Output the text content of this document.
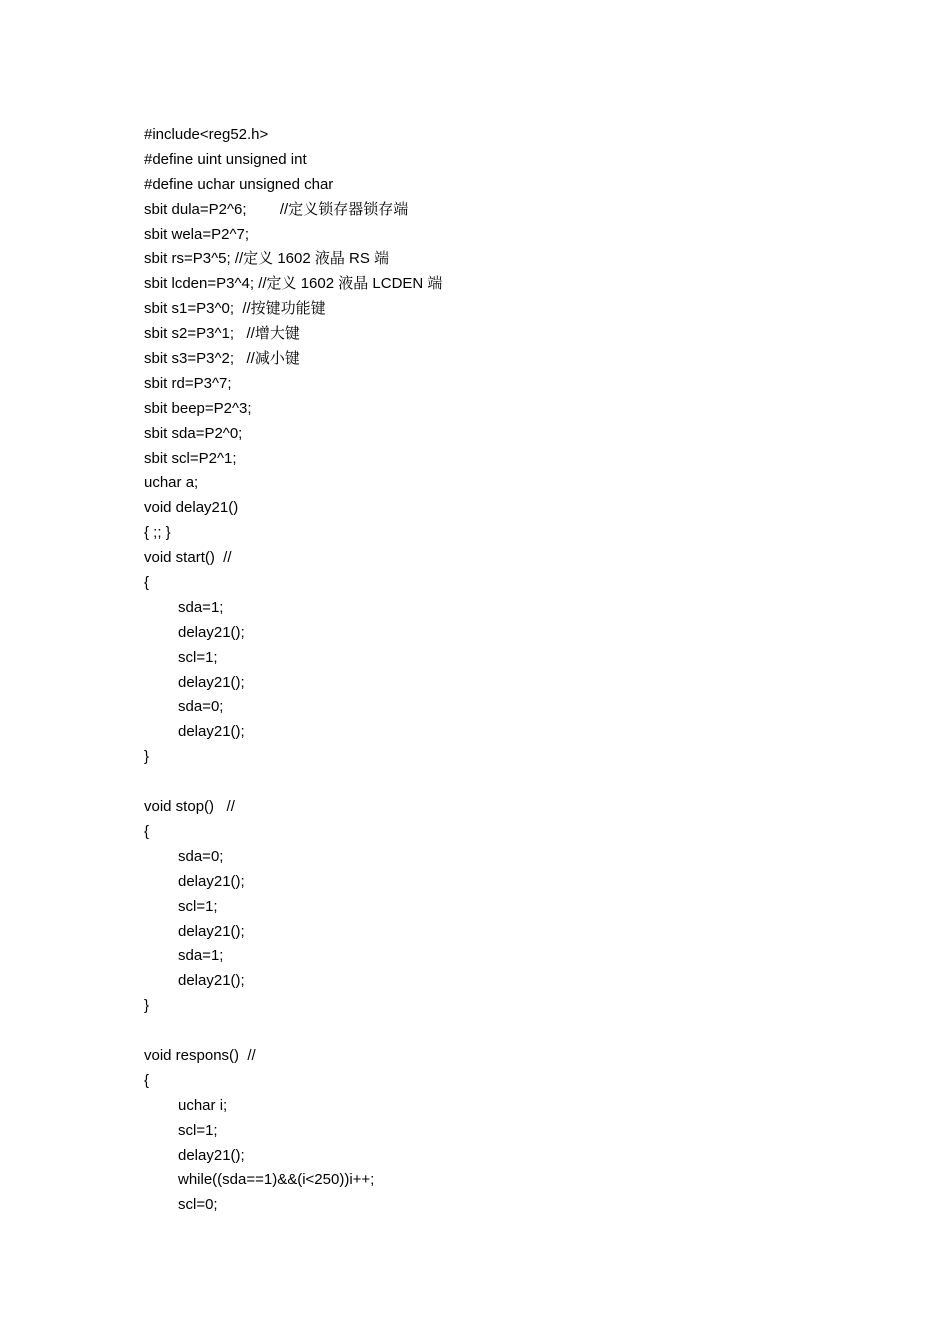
#include<reg52.h>
#define uint unsigned int
#define uchar unsigned char
sbit dula=P2^6;        //定义锁存器锁存端
sbit wela=P2^7;
sbit rs=P3^5; //定义 1602 液晶 RS 端
sbit lcden=P3^4; //定义 1602 液晶 LCDEN 端
sbit s1=P3^0;  //按键功能键
sbit s2=P3^1;   //增大键
sbit s3=P3^2;   //减小键
sbit rd=P3^7;
sbit beep=P2^3;
sbit sda=P2^0;
sbit scl=P2^1;
uchar a;
void delay21()
{ ;; }
void start()  //
{
sda=1;
delay21();
scl=1;
delay21();
sda=0;
delay21();
}
void stop()   //
{
sda=0;
delay21();
scl=1;
delay21();
sda=1;
delay21();
}
void respons()  //
{
uchar i;
scl=1;
delay21();
while((sda==1)&&(i<250))i++;
scl=0;
